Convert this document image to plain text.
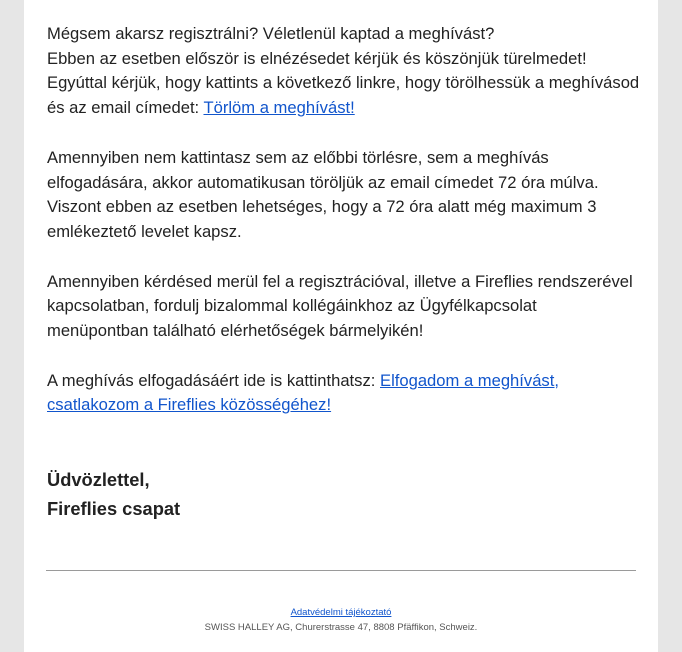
Mégsem akarsz regisztrálni? Véletlenül kaptad a meghívást?
Ebben az esetben először is elnézésedet kérjük és köszönjük türelmedet!
Egyúttal kérjük, hogy kattints a következő linkre, hogy törölhessük a meghívásod
és az email címedet: Törlöm a meghívást!

Amennyiben nem kattintasz sem az előbbi törlésre, sem a meghívás
elfogadására, akkor automatikusan töröljük az email címedet 72 óra múlva.
Viszont ebben az esetben lehetséges, hogy a 72 óra alatt még maximum 3
emlékeztető levelet kapsz.

Amennyiben kérdésed merül fel a regisztrációval, illetve a Fireflies rendszerével
kapcsolatban, fordulj bizalommal kollégáinkhoz az Ügyfélkapcsolat
menüpontban található elérhetőségek bármelyikén!

A meghívás elfogadásáért ide is kattinthatsz: Elfogadom a meghívást,
csatlakozom a Fireflies közösségéhez!

Üdvözlettel,
Fireflies csapat
Adatvédelmi tájékoztató
SWISS HALLEY AG, Churerstrasse 47, 8808 Pfäffikon, Schweiz.
